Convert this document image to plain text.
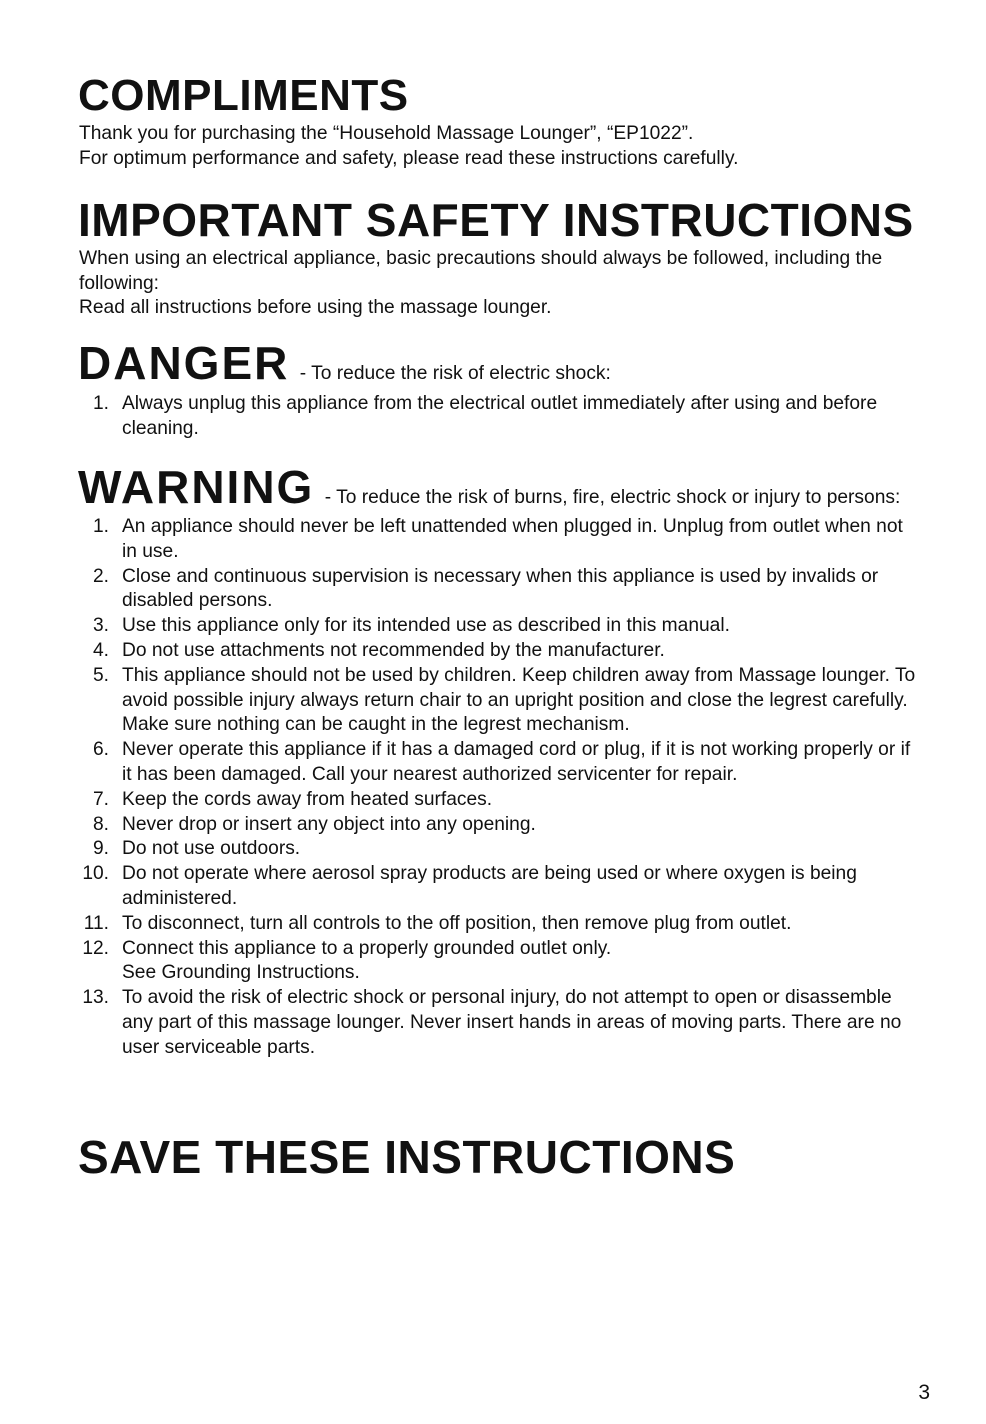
COMPLIMENTS

Thank you for purchasing the “Household Massage Lounger”, “EP1022”.

For optimum performance and safety, please read these instructions carefully.

IMPORTANT SAFETY INSTRUCTIONS

When using an electrical appliance, basic precautions should always be followed, including the following:

Read all instructions before using the massage lounger.

DANGER - To reduce the risk of electric shock:
1. Always unplug this appliance from the electrical outlet immediately after using and before cleaning.
WARNING - To reduce the risk of burns, fire, electric shock or injury to persons:
1. An appliance should never be left unattended when plugged in. Unplug from outlet when not in use.
2. Close and continuous supervision is necessary when this appliance is used by invalids or disabled persons.
3. Use this appliance only for its intended use as described in this manual.
4. Do not use attachments not recommended by the manufacturer.
5. This appliance should not be used by children. Keep children away from Massage lounger. To avoid possible injury always return chair to an upright position and close the legrest carefully. Make sure nothing can be caught in the legrest mechanism.
6. Never operate this appliance if it has a damaged cord or plug, if it is not working properly or if it has been damaged. Call your nearest authorized servicenter for repair.
7. Keep the cords away from heated surfaces.
8. Never drop or insert any object into any opening.
9. Do not use outdoors.
10. Do not operate where aerosol spray products are being used or where oxygen is being administered.
11. To disconnect, turn all controls to the off position, then remove plug from outlet.
12. Connect this appliance to a properly grounded outlet only.
See Grounding Instructions.
13. To avoid the risk of electric shock or personal injury, do not attempt to open or disassemble any part of this massage lounger. Never insert hands in areas of moving parts. There are no user serviceable parts.
SAVE THESE INSTRUCTIONS
3
